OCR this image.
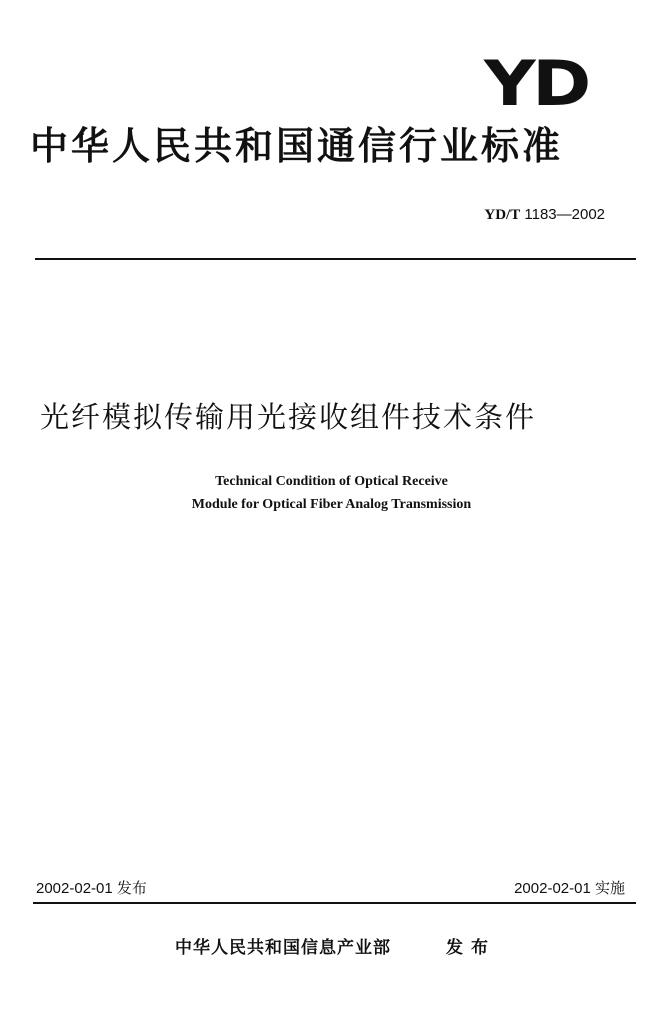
YD
中华人民共和国通信行业标准
YD/T 1183—2002
光纤模拟传输用光接收组件技术条件
Technical Condition of Optical Receive
Module for Optical Fiber Analog Transmission
2002-02-01 发布	2002-02-01 实施
中华人民共和国信息产业部	发布
